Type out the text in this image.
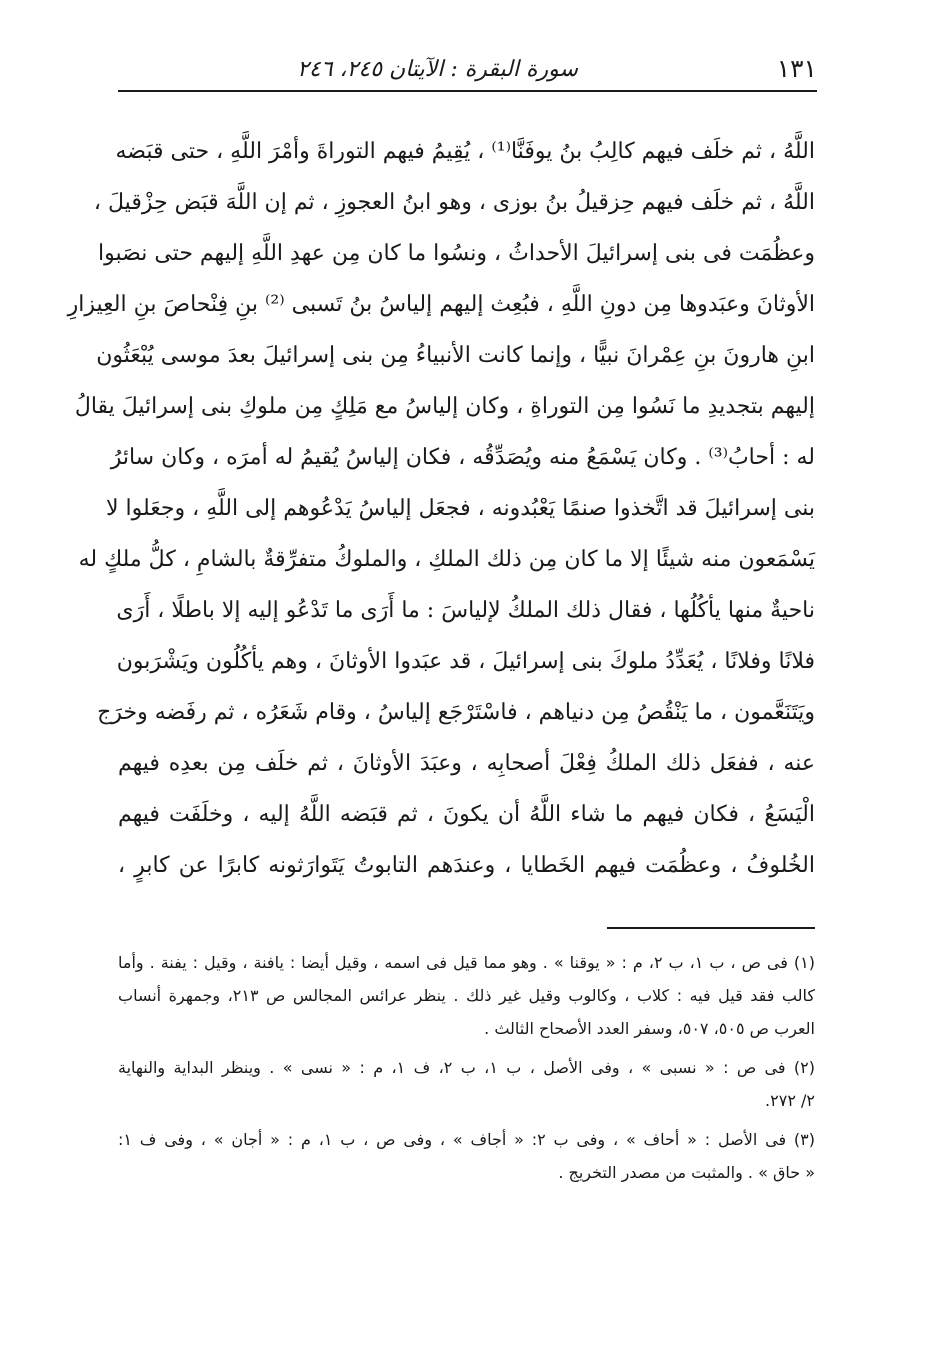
١٣١
سورة البقرة : الآيتان ٢٤٥، ٢٤٦
اللَّهُ ، ثم خلَف فيهم كالِبُ بنُ يوفَنَّا⁽¹⁾ ، يُقِيمُ فيهم التوراةَ وأمْرَ اللَّهِ ، حتى قبَضه
اللَّهُ ، ثم خلَف فيهم حِزقيلُ بنُ بوزى ، وهو ابنُ العجوزِ ، ثم إن اللَّهَ قبَض حِزْقيلَ ،
وعظُمَت فى بنى إسرائيلَ الأحداثُ ، ونسُوا ما كان مِن عهدِ اللَّهِ إليهم حتى نصَبوا
الأوثانَ وعبَدوها مِن دونِ اللَّهِ ، فبُعِث إليهم إلياسُ بنُ تَسبى ⁽²⁾ بنِ فِنْحاصَ بنِ العِيزارِ
ابنِ هارونَ بنِ عِمْرانَ نبيًّا ، وإنما كانت الأنبياءُ مِن بنى إسرائيلَ بعدَ موسى يُبْعَثُون
إليهم بتجديدِ ما نَسُوا مِن التوراةِ ، وكان إلياسُ مع مَلِكٍ مِن ملوكِ بنى إسرائيلَ يقالُ
له : أحابُ⁽³⁾ . وكان يَسْمَعُ منه ويُصَدِّقُه ، فكان إلياسُ يُقيمُ له أمرَه ، وكان سائرُ
بنى إسرائيلَ قد اتَّخذوا صنمًا يَعْبُدونه ، فجعَل إلياسُ يَدْعُوهم إلى اللَّهِ ، وجعَلوا لا
يَسْمَعون منه شيئًا إلا ما كان مِن ذلك الملكِ ، والملوكُ متفرِّقةٌ بالشامِ ، كلُّ ملكٍ له
ناحيةٌ منها يأكُلُها ، فقال ذلك الملكُ لإلياسَ : ما أَرَى ما تَدْعُو إليه إلا باطلًا ، أَرَى
فلانًا وفلانًا ، يُعَدِّدُ ملوكَ بنى إسرائيلَ ، قد عبَدوا الأوثانَ ، وهم يأكُلُون ويَشْرَبون
ويَتَنَعَّمون ، ما يَنْقُصُ مِن دنياهم ، فاسْتَرْجَع إلياسُ ، وقام شَعَرُه ، ثم رفَضه وخرَج
عنه ، ففعَل ذلك الملكُ فِعْلَ أصحابِه ، وعبَدَ الأوثانَ ، ثم خلَف مِن بعدِه فيهم
الْيَسَعُ ، فكان فيهم ما شاء اللَّهُ أن يكونَ ، ثم قبَضه اللَّهُ إليه ، وخلَفَت فيهم
الخُلوفُ ، وعظُمَت فيهم الخَطايا ، وعندَهم التابوتُ يَتَوارَثونه كابرًا عن كابرٍ ،
(١) فى ص ، ب ١، ب ٢، م : « يوقنا » . وهو مما قيل فى اسمه ، وقيل أيضا : يافنة ، وقيل : يفنة . وأما
كالب فقد قيل فيه : كلاب ، وكالوب وقيل غير ذلك . ينظر عرائس المجالس ص ٢١٣، وجمهرة أنساب
العرب ص ٥٠٥، ٥٠٧، وسفر العدد الأصحاح الثالث .
(٢) فى ص : « نسبى » ، وفى الأصل ، ب ١، ب ٢، ف ١، م : « نسى » . وينظر البداية والنهاية
٢/ ٢٧٢.
(٣) فى الأصل : « أحاف » ، وفى ب ٢: « أجاف » ، وفى ص ، ب ١، م : « أجان » ، وفى ف ١:
« حاق » . والمثبت من مصدر التخريج .
